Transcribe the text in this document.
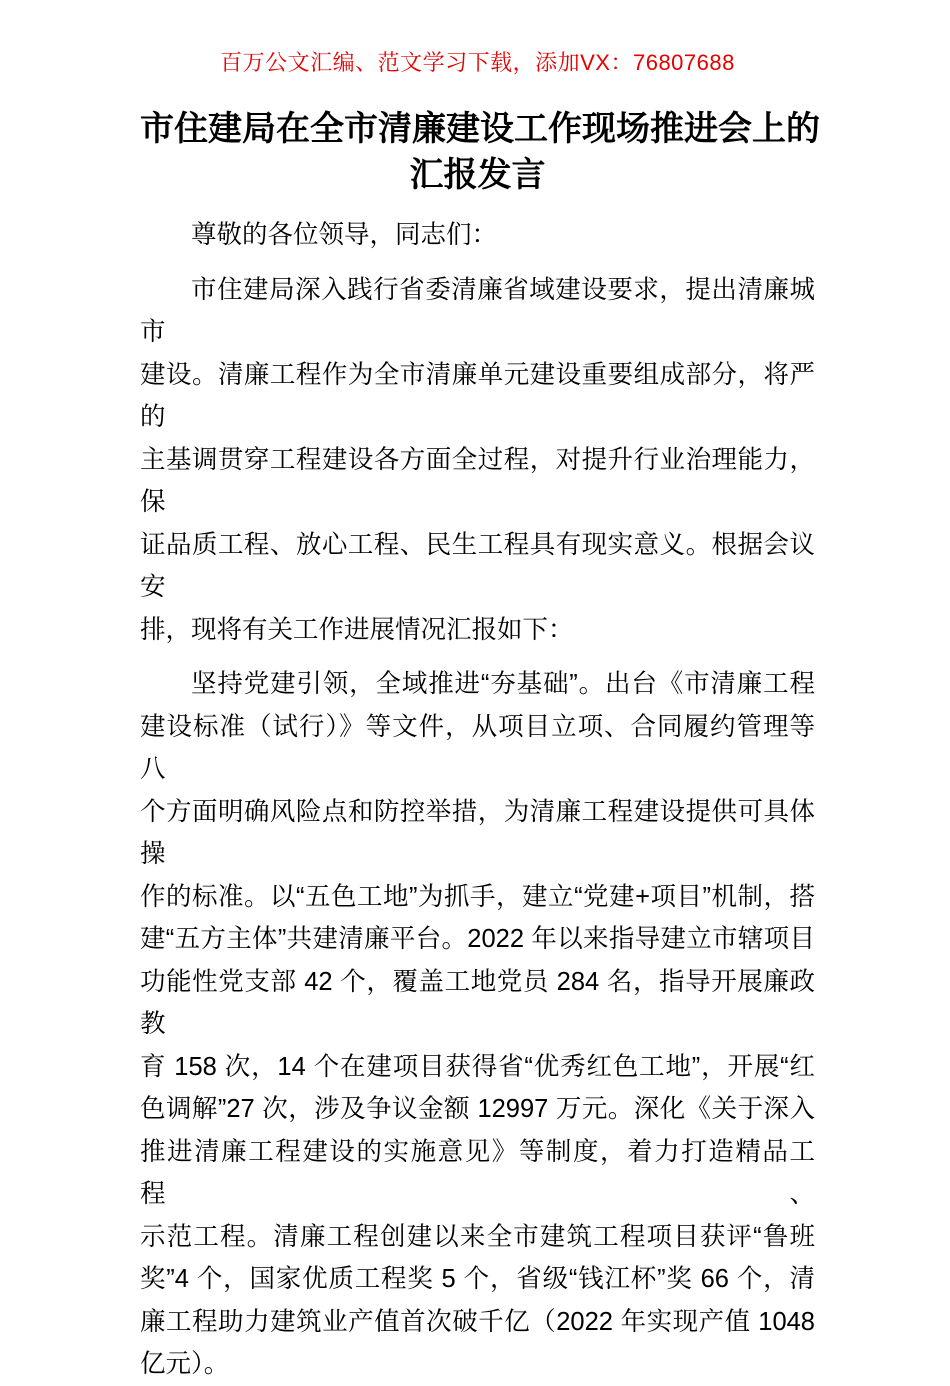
百万公文汇编、范文学习下载，添加VX：76807688
市住建局在全市清廉建设工作现场推进会上的
汇报发言
尊敬的各位领导，同志们：
市住建局深入践行省委清廉省域建设要求，提出清廉城市
建设。清廉工程作为全市清廉单元建设重要组成部分，将严的
主基调贯穿工程建设各方面全过程，对提升行业治理能力，保
证品质工程、放心工程、民生工程具有现实意义。根据会议安
排，现将有关工作进展情况汇报如下：
坚持党建引领，全域推进“夯基础”。出台《市清廉工程
建设标准（试行）》等文件，从项目立项、合同履约管理等八
个方面明确风险点和防控举措，为清廉工程建设提供可具体操
作的标准。以“五色工地”为抓手，建立“党建+项目”机制，搭
建“五方主体”共建清廉平台。2022 年以来指导建立市辖项目
功能性党支部 42 个，覆盖工地党员 284 名，指导开展廉政教
育 158 次，14 个在建项目获得省“优秀红色工地”，开展“红
色调解”27 次，涉及争议金额 12997 万元。深化《关于深入
推进清廉工程建设的实施意见》等制度，着力打造精品工程、
示范工程。清廉工程创建以来全市建筑工程项目获评“鲁班
奖”4 个，国家优质工程奖 5 个，省级“钱江杯”奖 66 个，清
廉工程助力建筑业产值首次破千亿（2022 年实现产值 1048
亿元）。
